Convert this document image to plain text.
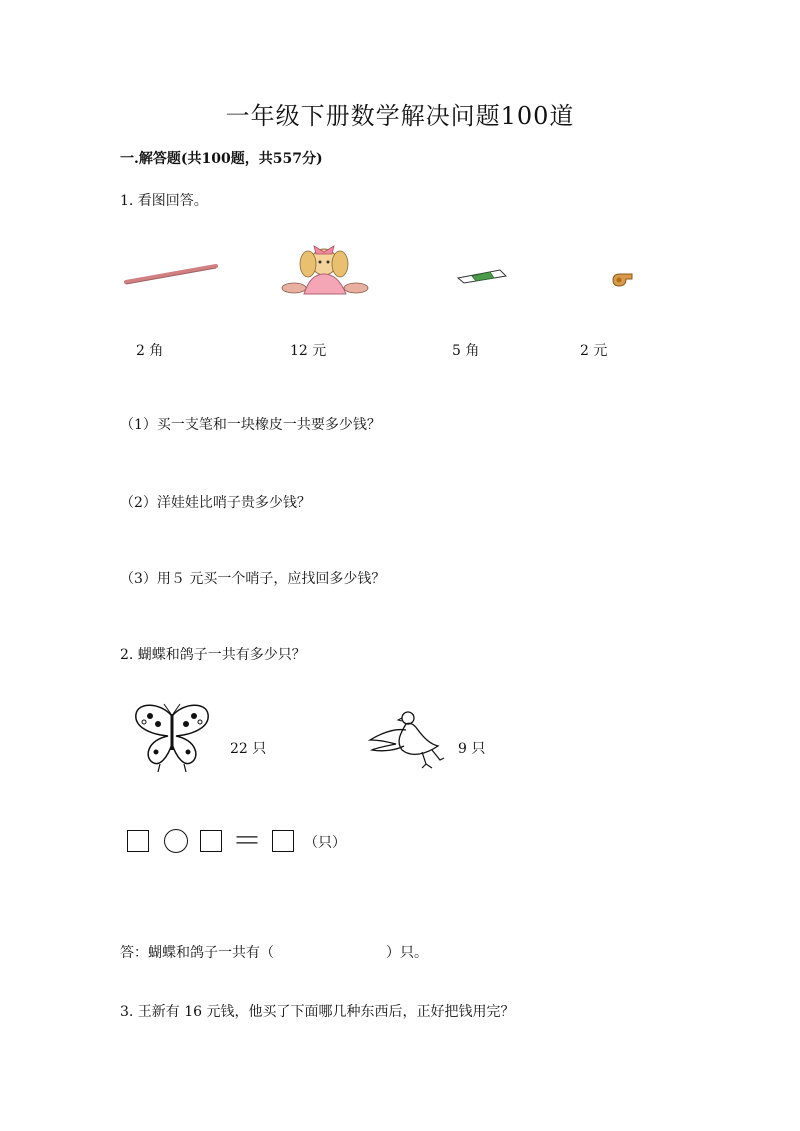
一年级下册数学解决问题100道
一.解答题(共100题，共557分)
1. 看图回答。
2 角	12 元	5 角	2 元
（1）买一支笔和一块橡皮一共要多少钱？
（2）洋娃娃比哨子贵多少钱？
（3）用５ 元买一个哨子，应找回多少钱？
2. 蝴蝶和鸽子一共有多少只？
22 只	9 只
＝	（只）
答：蝴蝶和鸽子一共有（	）只。
3. 王新有 16 元钱，他买了下面哪几种东西后，正好把钱用完？
